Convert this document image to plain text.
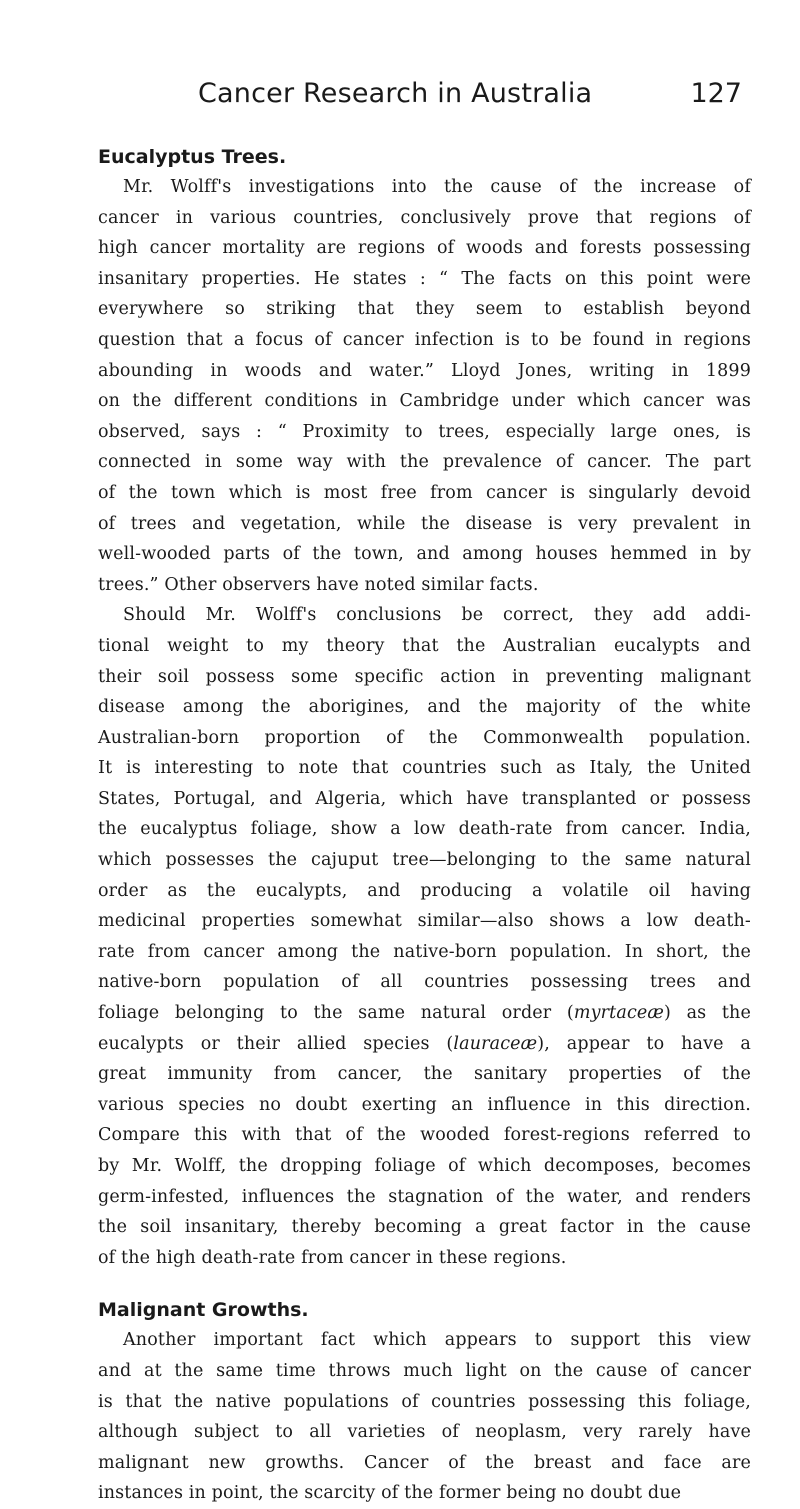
Cancer Research in Australia	127
Eucalyptus Trees.
Mr. Wolff's investigations into the cause of the increase of
cancer in various countries, conclusively prove that regions of
high cancer mortality are regions of woods and forests possessing
insanitary properties. He states : “ The facts on this point were
everywhere so striking that they seem to establish beyond
question that a focus of cancer infection is to be found in regions
abounding in woods and water.” Lloyd Jones, writing in 1899
on the different conditions in Cambridge under which cancer was
observed, says : “ Proximity to trees, especially large ones, is
connected in some way with the prevalence of cancer. The part
of the town which is most free from cancer is singularly devoid
of trees and vegetation, while the disease is very prevalent in
well-wooded parts of the town, and among houses hemmed in by
trees.” Other observers have noted similar facts.
Should Mr. Wolff's conclusions be correct, they add addi-
tional weight to my theory that the Australian eucalypts and
their soil possess some specific action in preventing malignant
disease among the aborigines, and the majority of the white
Australian-born proportion of the Commonwealth population.
It is interesting to note that countries such as Italy, the United
States, Portugal, and Algeria, which have transplanted or possess
the eucalyptus foliage, show a low death-rate from cancer. India,
which possesses the cajuput tree—belonging to the same natural
order as the eucalypts, and producing a volatile oil having
medicinal properties somewhat similar—also shows a low death-
rate from cancer among the native-born population. In short, the
native-born population of all countries possessing trees and
foliage belonging to the same natural order (myrtaceæ) as the
eucalypts or their allied species (lauraceæ), appear to have a
great immunity from cancer, the sanitary properties of the
various species no doubt exerting an influence in this direction.
Compare this with that of the wooded forest-regions referred to
by Mr. Wolff, the dropping foliage of which decomposes, becomes
germ-infested, influences the stagnation of the water, and renders
the soil insanitary, thereby becoming a great factor in the cause
of the high death-rate from cancer in these regions.
Malignant Growths.
Another important fact which appears to support this view
and at the same time throws much light on the cause of cancer
is that the native populations of countries possessing this foliage,
although subject to all varieties of neoplasm, very rarely have
malignant new growths. Cancer of the breast and face are
instances in point, the scarcity of the former being no doubt due
